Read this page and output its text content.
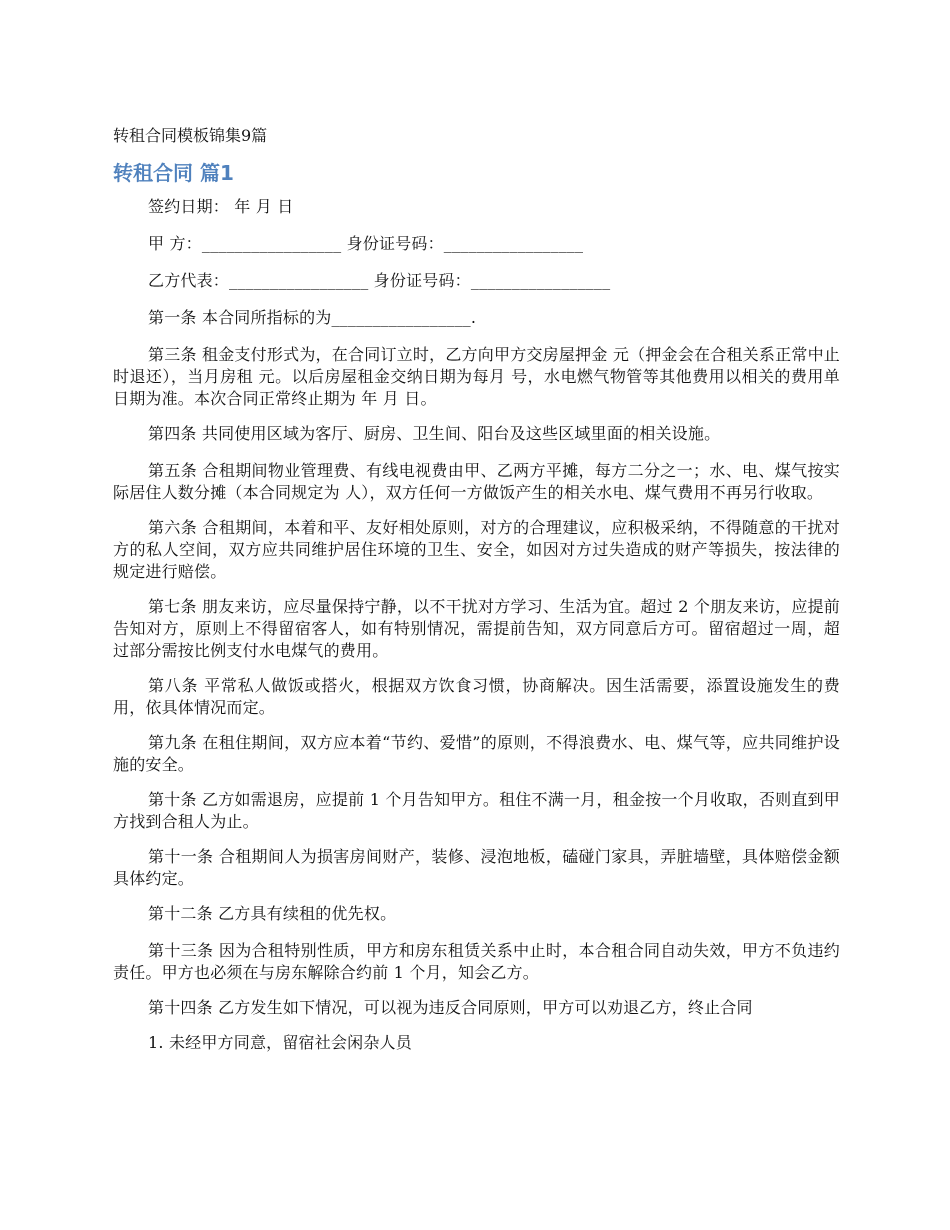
转租合同模板锦集9篇
转租合同 篇1

签约日期： 年 月 日

甲 方：_________________ 身份证号码：_________________

乙方代表：_________________ 身份证号码：_________________

第一条 本合同所指标的为_________________.

第三条 租金支付形式为，在合同订立时，乙方向甲方交房屋押金 元（押金会在合租关系正常中止时退还），当月房租 元。以后房屋租金交纳日期为每月 号，水电燃气物管等其他费用以相关的费用单日期为准。本次合同正常终止期为 年 月 日。

第四条 共同使用区域为客厅、厨房、卫生间、阳台及这些区域里面的相关设施。

第五条 合租期间物业管理费、有线电视费由甲、乙两方平摊，每方二分之一；水、电、煤气按实际居住人数分摊（本合同规定为 人），双方任何一方做饭产生的相关水电、煤气费用不再另行收取。

第六条 合租期间，本着和平、友好相处原则，对方的合理建议，应积极采纳，不得随意的干扰对方的私人空间，双方应共同维护居住环境的卫生、安全，如因对方过失造成的财产等损失，按法律的规定进行赔偿。

第七条 朋友来访，应尽量保持宁静，以不干扰对方学习、生活为宜。超过 2 个朋友来访，应提前告知对方，原则上不得留宿客人，如有特别情况，需提前告知，双方同意后方可。留宿超过一周，超过部分需按比例支付水电煤气的费用。

第八条 平常私人做饭或搭火，根据双方饮食习惯，协商解决。因生活需要，添置设施发生的费用，依具体情况而定。

第九条 在租住期间，双方应本着“节约、爱惜”的原则，不得浪费水、电、煤气等，应共同维护设施的安全。

第十条 乙方如需退房，应提前 1 个月告知甲方。租住不满一月，租金按一个月收取，否则直到甲方找到合租人为止。

第十一条 合租期间人为损害房间财产，装修、浸泡地板，磕碰门家具，弄脏墙壁，具体赔偿金额具体约定。

第十二条 乙方具有续租的优先权。

第十三条 因为合租特别性质，甲方和房东租赁关系中止时，本合租合同自动失效，甲方不负违约责任。甲方也必须在与房东解除合约前 1 个月，知会乙方。

第十四条 乙方发生如下情况，可以视为违反合同原则，甲方可以劝退乙方，终止合同

1. 未经甲方同意，留宿社会闲杂人员
